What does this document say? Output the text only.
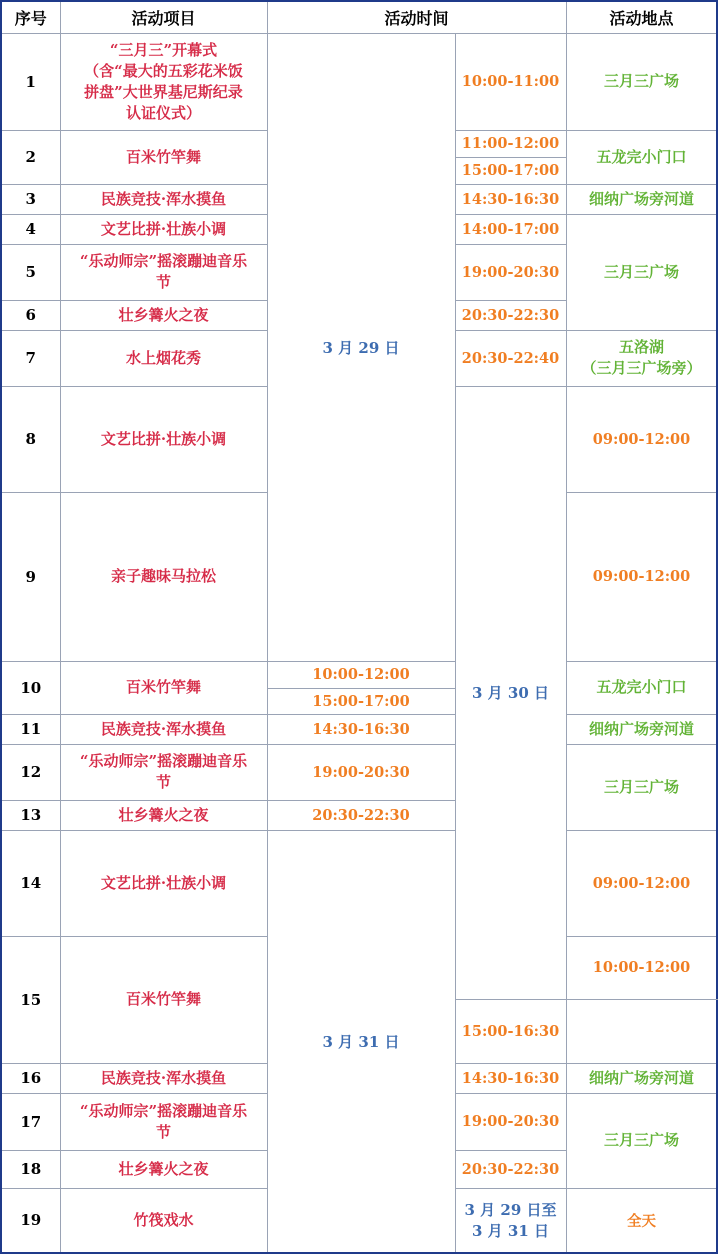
序号	活动项目	活动时间		活动地点	
1	“三月三”开幕式
（含“最大的五彩花米饭
拼盘”大世界基尼斯纪录
认证仪式）	3 月 29 日	10:00-11:00	三月三广场	
2	百米竹竿舞		11:00-12:00	五龙完小门口	
			15:00-17:00		
3	民族竞技·浑水摸鱼		14:30-16:30	细纳广场旁河道	
4	文艺比拼·壮族小调		14:00-17:00	三月三广场	
5	“乐动师宗”摇滚蹦迪音乐
节		19:00-20:30		
6	壮乡篝火之夜		20:30-22:30		
7	水上烟花秀		20:30-22:40	五洛湖
（三月三广场旁）	
8	文艺比拼·壮族小调		3 月 30 日	09:00-12:00	
9	亲子趣味马拉松			09:00-12:00	
10	百米竹竿舞	10:00-12:00		五龙完小门口	
		15:00-17:00			
11	民族竞技·浑水摸鱼	14:30-16:30		细纳广场旁河道	
12	“乐动师宗”摇滚蹦迪音乐
节	19:00-20:30		三月三广场	
13	壮乡篝火之夜	20:30-22:30			
14	文艺比拼·壮族小调	3 月 31 日		09:00-12:00	
15	百米竹竿舞			10:00-12:00	
			15:00-16:30		
16	民族竞技·浑水摸鱼		14:30-16:30	细纳广场旁河道	
17	“乐动师宗”摇滚蹦迪音乐
节		19:00-20:30	三月三广场	
18	壮乡篝火之夜		20:30-22:30		
19	竹筏戏水		3 月 29 日至 3 月 31 日	全天	
